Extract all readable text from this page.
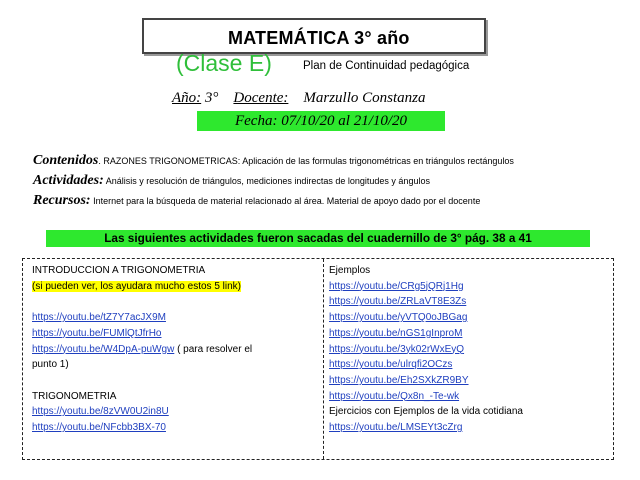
MATEMÁTICA 3° año
(Clase E)	Plan de Continuidad pedagógica
Año: 3° Docente: Marzullo Constanza
Fecha: 07/10/20 al 21/10/20
Contenidos. RAZONES TRIGONOMETRICAS: Aplicación de las formulas trigonométricas en triángulos rectángulos
Actividades: Análisis y resolución de triángulos, mediciones indirectas de longitudes y ángulos
Recursos: Internet para la búsqueda de material relacionado al área. Material de apoyo dado por el docente
Las siguientes actividades fueron sacadas del cuadernillo de 3° pág. 38 a 41
INTRODUCCION A TRIGONOMETRIA
(si pueden ver, los ayudara mucho estos 5 link)
https://youtu.be/tZ7Y7acJX9M
https://youtu.be/FUMlQtJfrHo
https://youtu.be/W4DpA-puWgw ( para resolver el
punto 1)
TRIGONOMETRIA
https://youtu.be/8zVW0U2in8U
https://youtu.be/NFcbb3BX-70
Ejemplos
https://youtu.be/CRg5jQRj1Hg
https://youtu.be/ZRLaVT8E3Zs
https://youtu.be/yVTQ0oJBGag
https://youtu.be/nGS1gInproM
https://youtu.be/3yk02rWxEyQ
https://youtu.be/ulrqfi2OCzs
https://youtu.be/Eh2SXkZR9BY
https://youtu.be/Qx8n_-Te-wk
Ejercicios con Ejemplos de la vida cotidiana
https://youtu.be/LMSEYt3cZrg
